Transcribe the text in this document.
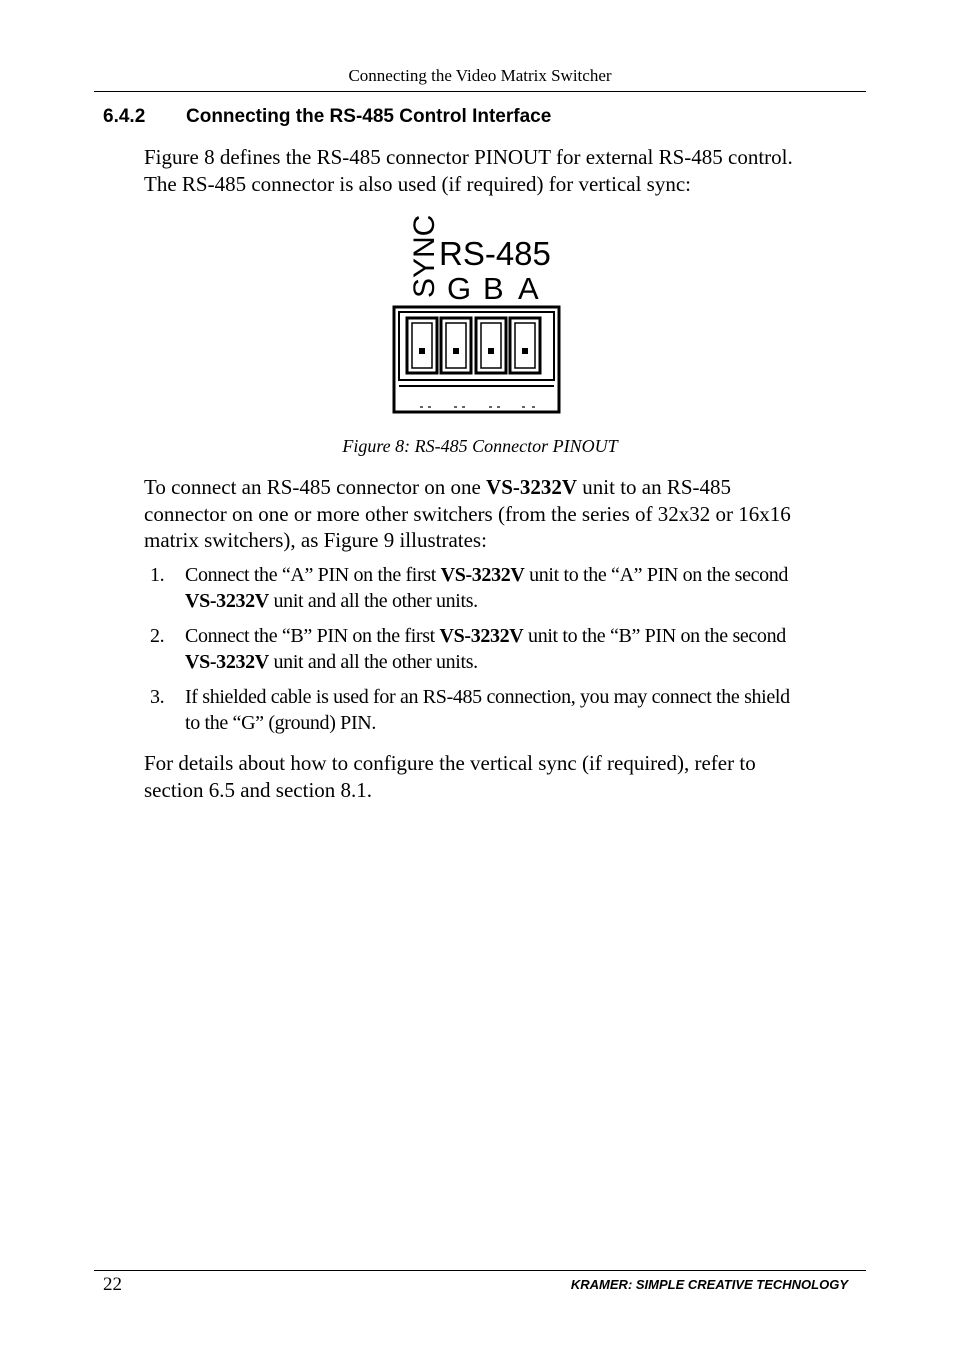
Connecting the Video Matrix Switcher
6.4.2 Connecting the RS-485 Control Interface
Figure 8 defines the RS-485 connector PINOUT for external RS-485 control.
The RS-485 connector is also used (if required) for vertical sync:
SYNC
RS-485
G B A
Figure 8: RS-485 Connector PINOUT
To connect an RS-485 connector on one VS-3232V unit to an RS-485
connector on one or more other switchers (from the series of 32x32 or 16x16
matrix switchers), as Figure 9 illustrates:
1. Connect the “A” PIN on the first VS-3232V unit to the “A” PIN on the second
VS-3232V unit and all the other units.
2. Connect the “B” PIN on the first VS-3232V unit to the “B” PIN on the second
VS-3232V unit and all the other units.
3. If shielded cable is used for an RS-485 connection, you may connect the shield
to the “G” (ground) PIN.
For details about how to configure the vertical sync (if required), refer to
section 6.5 and section 8.1.
22	KRAMER: SIMPLE CREATIVE TECHNOLOGY
